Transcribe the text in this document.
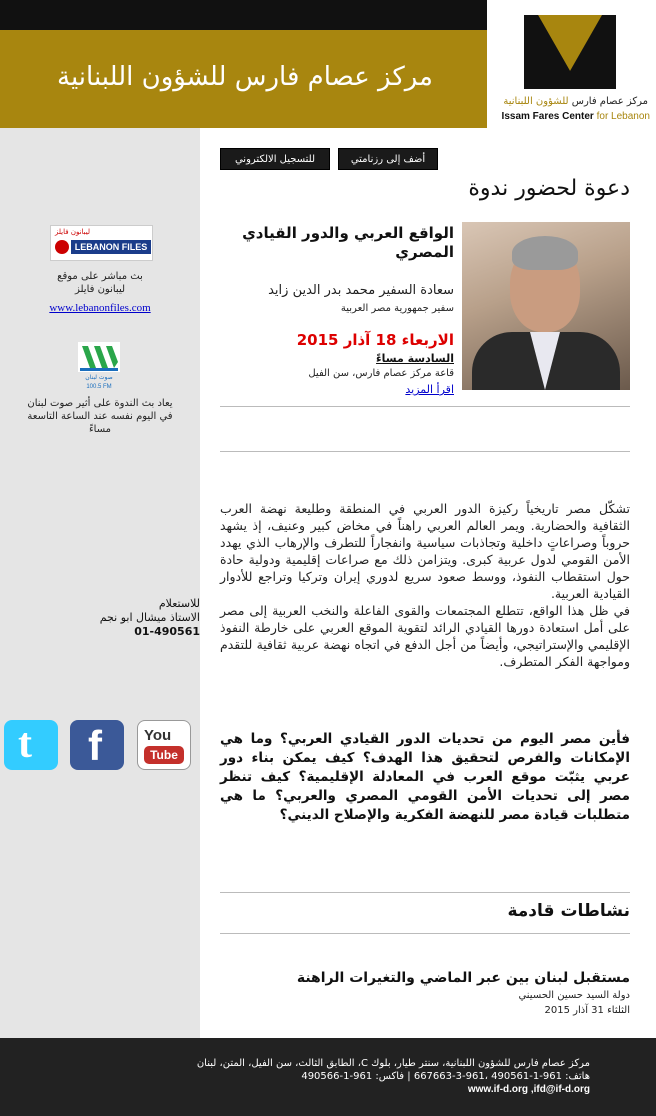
مركز عصام فارس للشؤون اللبنانية
مركز عصام فارس للشؤون اللبنانية
Issam Fares Center for Lebanon
ليبانون فايلز
LEBANON FILES
بث مباشر على موقع
ليبانون فايلز
www.lebanonfiles.com
صوت لبنان
100.5 FM
يعاد بث الندوة على أثير صوت لبنان في اليوم نفسه عند الساعة التاسعة مساءً
للاستعلام
الاستاذ ميشال ابو نجم
01-490561
You
Tube
f
t
أضف إلى رزنامتي
للتسجيل الالكتروني
دعوة لحضور ندوة
الواقع العربي والدور القيادي المصري
سعادة السفير محمد بدر الدين زايد
سفير جمهورية مصر العربية
الاربعاء 18 آذار 2015
السادسة مساءً
قاعة مركز عصام فارس، سن الفيل
اقرأ المزيد

تشكّل مصر تاريخياً ركيزة الدور العربي في المنطقة وطليعة نهضة العرب الثقافية والحضارية. ويمر العالم العربي راهناً في مخاض كبير وعنيف، إذ يشهد حروباً وصراعاتٍ داخلية وتجاذبات سياسية وانفجاراً للتطرف والإرهاب الذي يهدد الأمن القومي لدول عربية كبرى. ويتزامن ذلك مع صراعات إقليمية ودولية حادة حول استقطاب النفوذ، ووسط صعود سريع لدوري إيران وتركيا وتراجع للأدوار القيادية العربية.

في ظل هذا الواقع، تتطلع المجتمعات والقوى الفاعلة والنخب العربية إلى مصر على أمل استعادة دورها القيادي الرائد لتقوية الموقع العربي على خارطة النفوذ الإقليمي والإستراتيجي، وأيضاً من أجل الدفع في اتجاه نهضة عربية ثقافية للتقدم ومواجهة الفكر المتطرف.

فأين مصر اليوم من تحديات الدور القيادي العربي؟ وما هي الإمكانات والفرص لتحقيق هذا الهدف؟ كيف يمكن بناء دور عربي يثبّت موقع العرب في المعادلة الإقليمية؟ كيف تنظر مصر إلى تحديات الأمن القومي المصري والعربي؟ ما هي متطلبات قيادة مصر للنهضة الفكرية والإصلاح الديني؟
نشاطات قادمة
مستقبل لبنان بين عبر الماضي والتغيرات الراهنة
دولة السيد حسين الحسيني
الثلثاء 31 آذار 2015
مركز عصام فارس للشؤون اللبنانية، سنتر طيار، بلوك C، الطابق الثالث، سن الفيل، المتن، لبنان
هاتف: 961-1-490561 ،961-3-667663 | فاكس: 961-1-490566
www.if-d.org ,ifd@if-d.org
